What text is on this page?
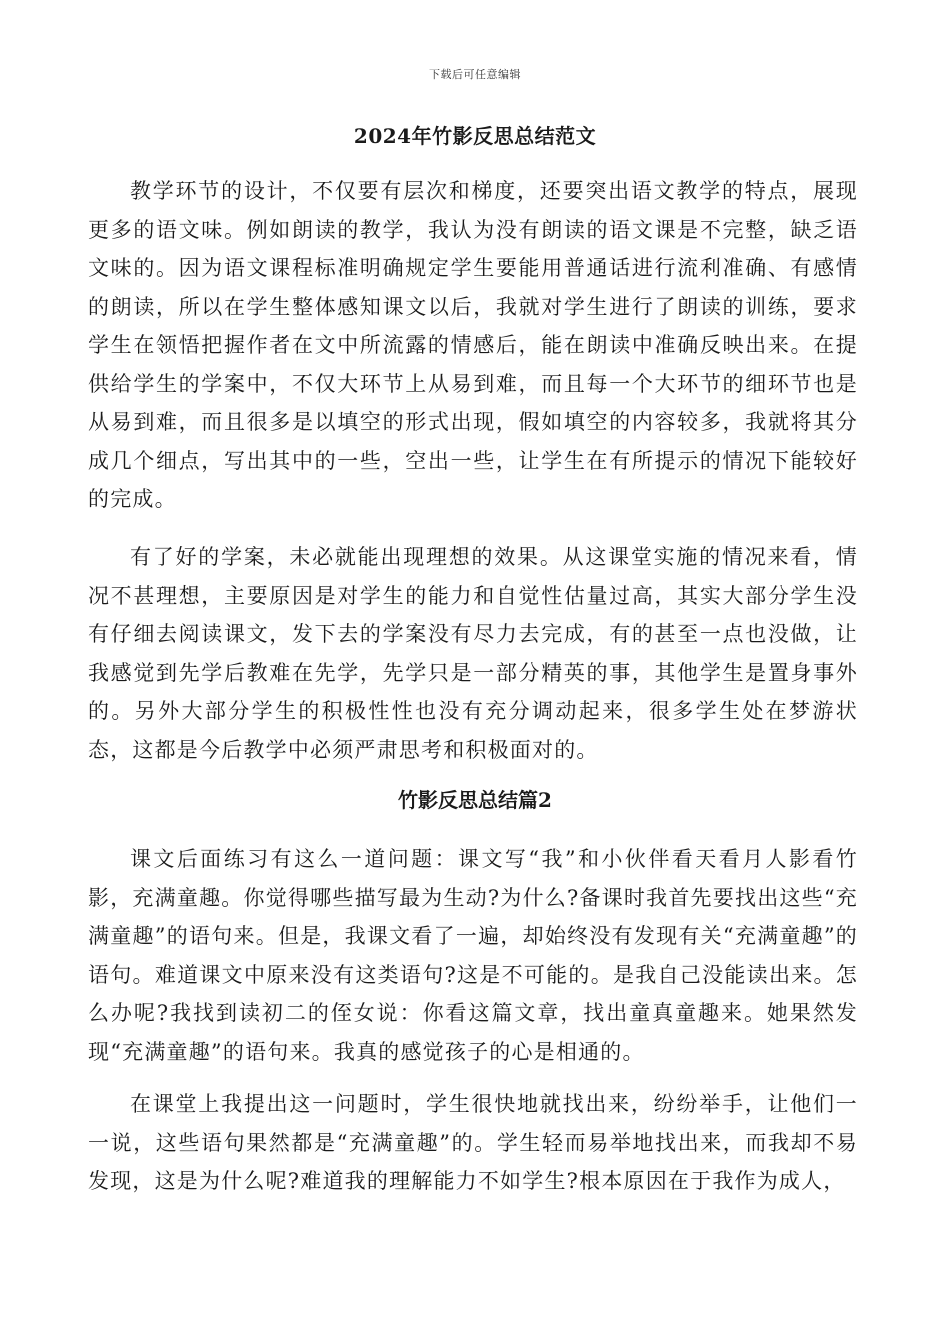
下载后可任意编辑
2024年竹影反思总结范文

教学环节的设计，不仅要有层次和梯度，还要突出语文教学的特点，展现更多的语文味。例如朗读的教学，我认为没有朗读的语文课是不完整，缺乏语文味的。因为语文课程标准明确规定学生要能用普通话进行流利准确、有感情的朗读，所以在学生整体感知课文以后，我就对学生进行了朗读的训练，要求学生在领悟把握作者在文中所流露的情感后，能在朗读中准确反映出来。在提供给学生的学案中，不仅大环节上从易到难，而且每一个大环节的细环节也是从易到难，而且很多是以填空的形式出现，假如填空的内容较多，我就将其分成几个细点，写出其中的一些，空出一些，让学生在有所提示的情况下能较好的完成。

有了好的学案，未必就能出现理想的效果。从这课堂实施的情况来看，情况不甚理想，主要原因是对学生的能力和自觉性估量过高，其实大部分学生没有仔细去阅读课文，发下去的学案没有尽力去完成，有的甚至一点也没做，让我感觉到先学后教难在先学，先学只是一部分精英的事，其他学生是置身事外的。另外大部分学生的积极性性也没有充分调动起来，很多学生处在梦游状态，这都是今后教学中必须严肃思考和积极面对的。

竹影反思总结篇2

课文后面练习有这么一道问题：课文写“我”和小伙伴看天看月人影看竹影，充满童趣。你觉得哪些描写最为生动?为什么?备课时我首先要找出这些“充满童趣”的语句来。但是，我课文看了一遍，却始终没有发现有关“充满童趣”的语句。难道课文中原来没有这类语句?这是不可能的。是我自己没能读出来。怎么办呢?我找到读初二的侄女说：你看这篇文章，找出童真童趣来。她果然发现“充满童趣”的语句来。我真的感觉孩子的心是相通的。

在课堂上我提出这一问题时，学生很快地就找出来，纷纷举手，让他们一一说，这些语句果然都是“充满童趣”的。学生轻而易举地找出来，而我却不易发现，这是为什么呢?难道我的理解能力不如学生?根本原因在于我作为成人，
